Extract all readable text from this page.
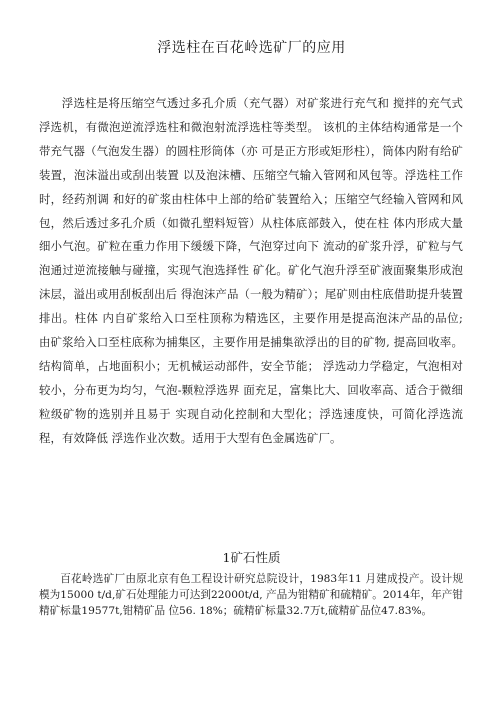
浮选柱在百花岭选矿厂的应用
浮选柱是将压缩空气透过多孔介质（充气器）对矿浆进行充气和 搅拌的充气式浮选机，有微泡逆流浮选柱和微泡射流浮选柱等类型。 该机的主体结构通常是一个带充气器（气泡发生器）的圆柱形筒体（亦 可是正方形或矩形柱），筒体内附有给矿装置，泡沫溢出或刮出装置 以及泡沫槽、压缩空气输入管网和风包等。浮选柱工作时，经药剂调 和好的矿浆由柱体中上部的给矿装置给入；压缩空气经输入管网和风 包，然后透过多孔介质（如微孔塑料短管）从柱体底部鼓入，使在柱 体内形成大量细小气泡。矿粒在重力作用下缓缓下降，气泡穿过向下 流动的矿浆升浮，矿粒与气泡通过逆流接触与碰撞，实现气泡选择性 矿化。矿化气泡升浮至矿液面聚集形成泡沫层，溢出或用刮板刮出后 得泡沫产品（一般为精矿）；尾矿则由柱底借助提升装置排出。柱体 内自矿浆给入口至柱顶称为精选区，主要作用是提高泡沫产品的品位; 由矿浆给入口至柱底称为捕集区，主要作用是捕集欲浮出的目的矿物, 提高回收率。结构简单，占地面积小；无机械运动部件，安全节能； 浮选动力学稳定，气泡相对较小，分布更为均匀，气泡-颗粒浮选界 面充足，富集比大、回收率高、适合于微细粒级矿物的选别并且易于 实现自动化控制和大型化；浮选速度快，可简化浮选流程，有效降低 浮选作业次数。适用于大型有色金属选矿厂。
1矿石性质
百花岭选矿厂由原北京有色工程设计研究总院设计，1983年11 月建成投产。设计规模为15000 t/d,矿石处理能力可达到22000t/d, 产品为钳精矿和硫精矿。2014年，年产钳精矿标量19577t,钳精矿品 位56. 18%；硫精矿标量32.7万t,硫精矿品位47.83%。
